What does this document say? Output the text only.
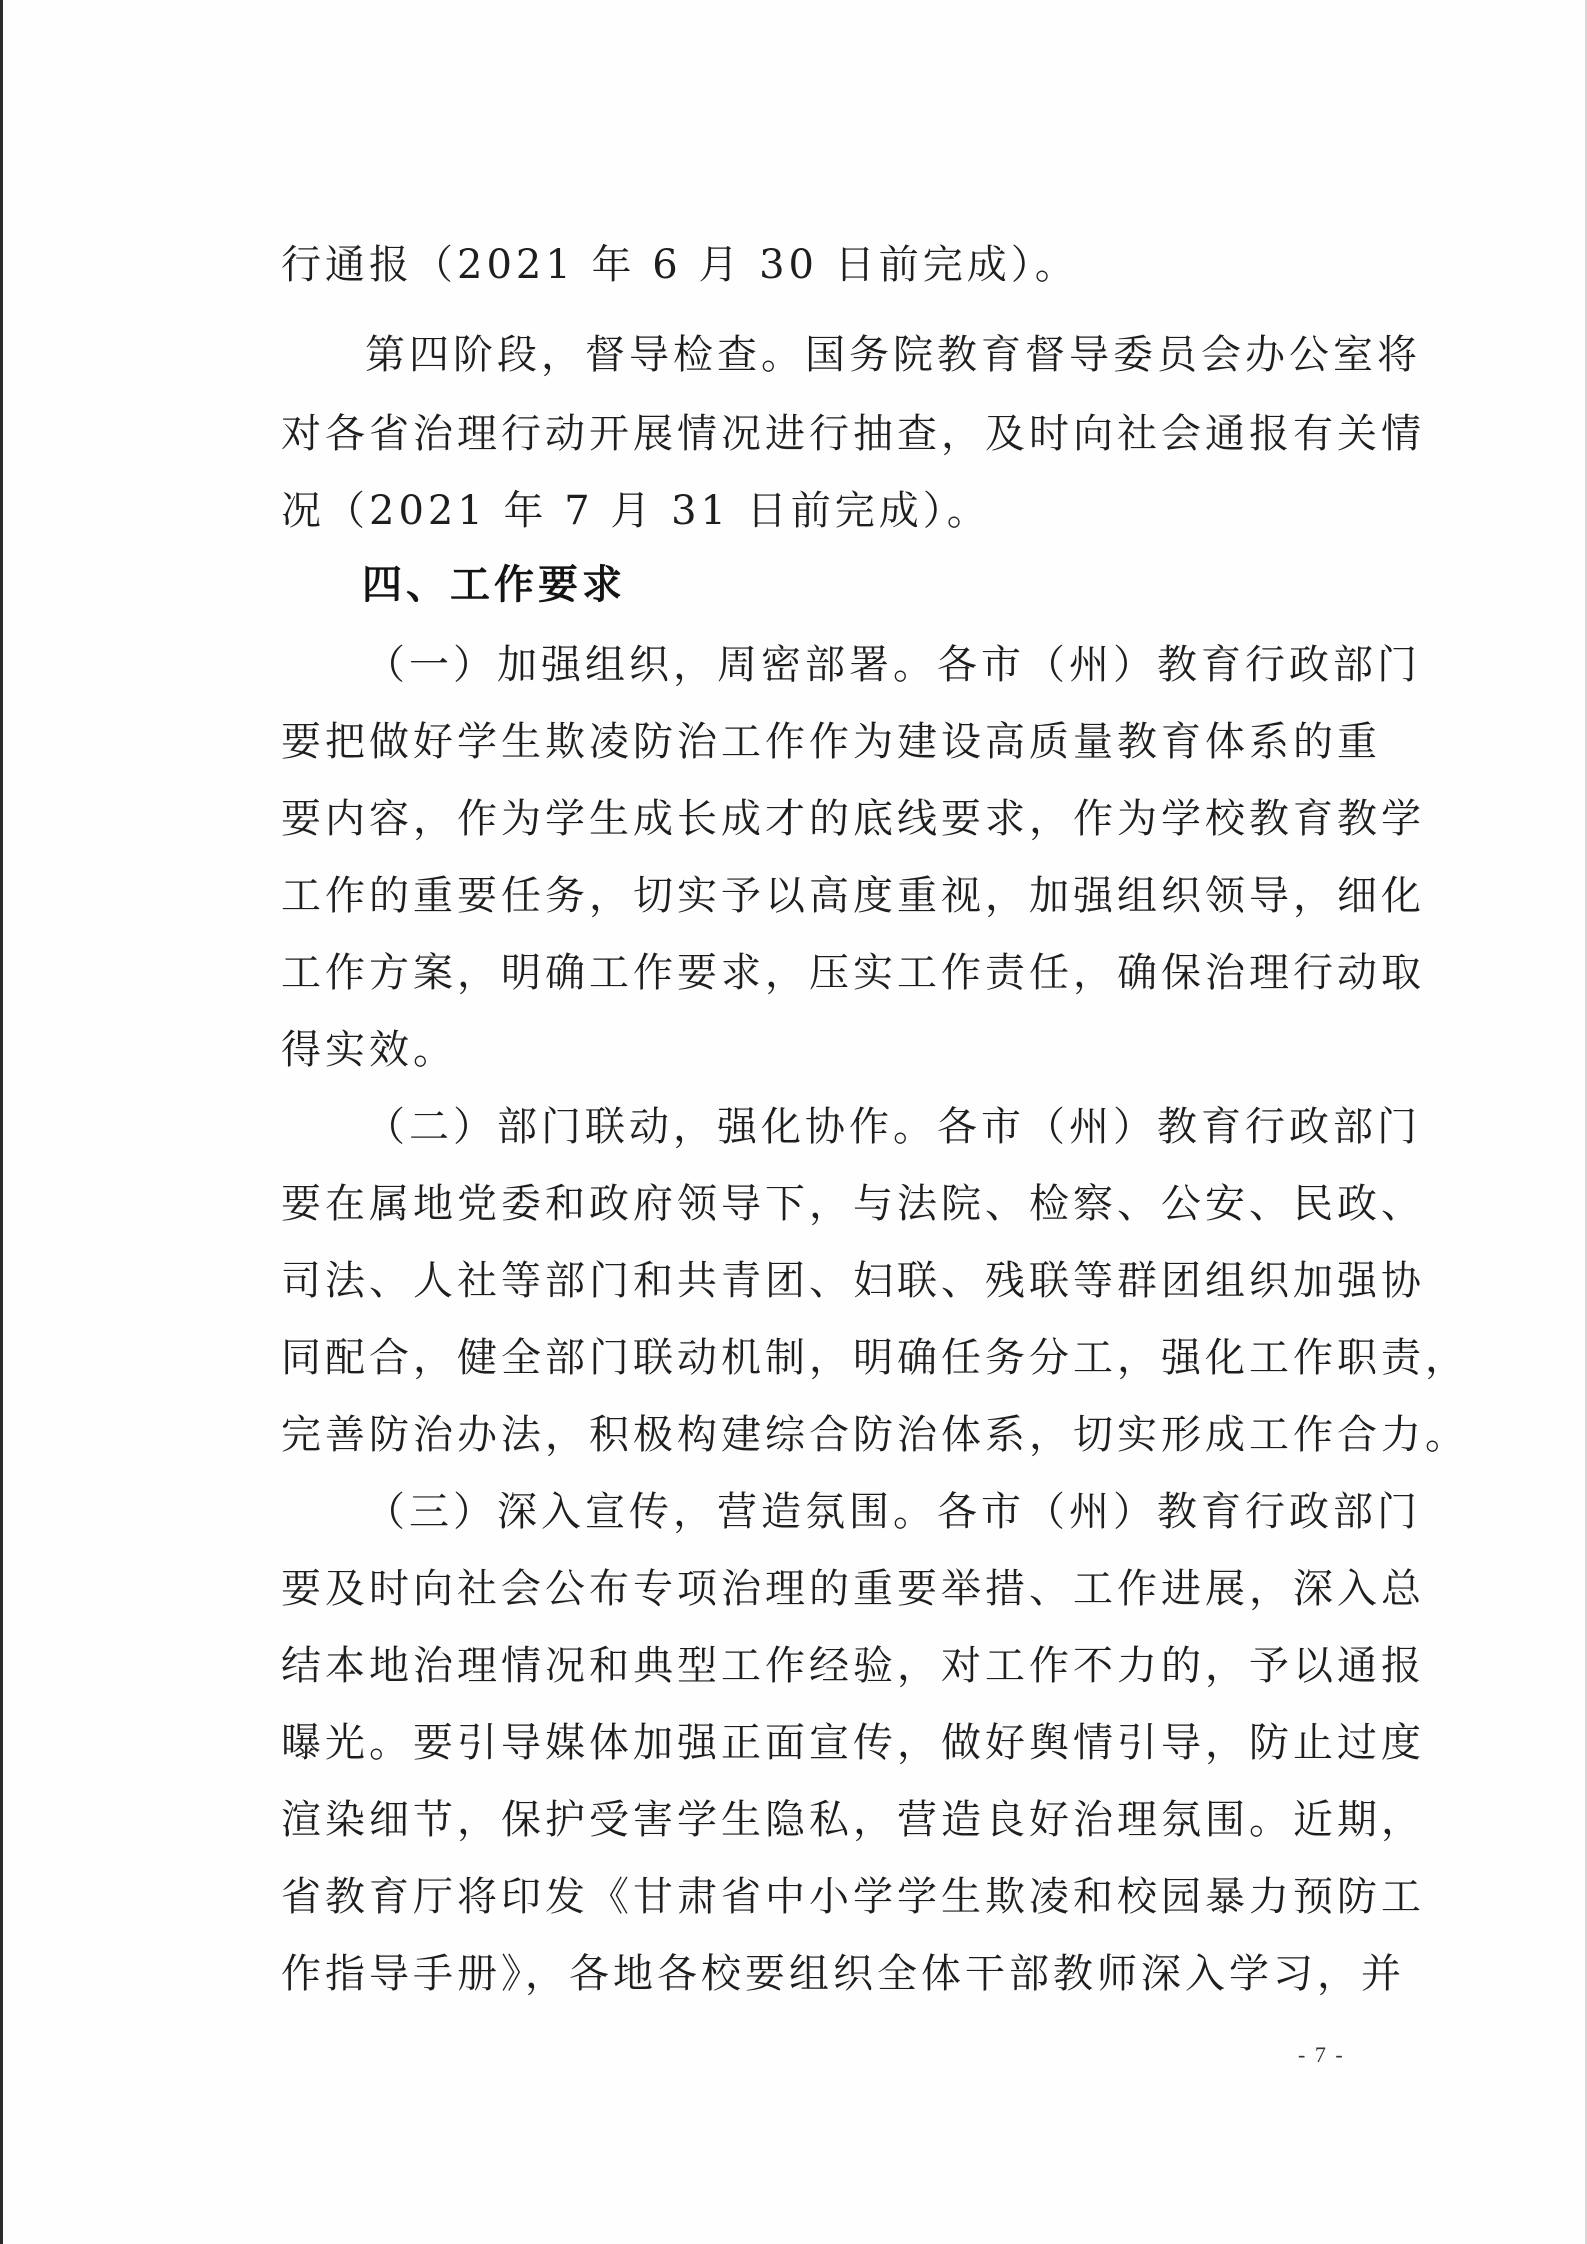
行通报（2021 年 6 月 30 日前完成）。
第四阶段，督导检查。国务院教育督导委员会办公室将
对各省治理行动开展情况进行抽查，及时向社会通报有关情
况（2021 年 7 月 31 日前完成）。
四、工作要求
（一）加强组织，周密部署。各市（州）教育行政部门
要把做好学生欺凌防治工作作为建设高质量教育体系的重
要内容，作为学生成长成才的底线要求，作为学校教育教学
工作的重要任务，切实予以高度重视，加强组织领导，细化
工作方案，明确工作要求，压实工作责任，确保治理行动取
得实效。
（二）部门联动，强化协作。各市（州）教育行政部门
要在属地党委和政府领导下，与法院、检察、公安、民政、
司法、人社等部门和共青团、妇联、残联等群团组织加强协
同配合，健全部门联动机制，明确任务分工，强化工作职责，
完善防治办法，积极构建综合防治体系，切实形成工作合力。
（三）深入宣传，营造氛围。各市（州）教育行政部门
要及时向社会公布专项治理的重要举措、工作进展，深入总
结本地治理情况和典型工作经验，对工作不力的，予以通报
曝光。要引导媒体加强正面宣传，做好舆情引导，防止过度
渲染细节，保护受害学生隐私，营造良好治理氛围。近期，
省教育厅将印发《甘肃省中小学学生欺凌和校园暴力预防工
作指导手册》，各地各校要组织全体干部教师深入学习，并
- 7 -
